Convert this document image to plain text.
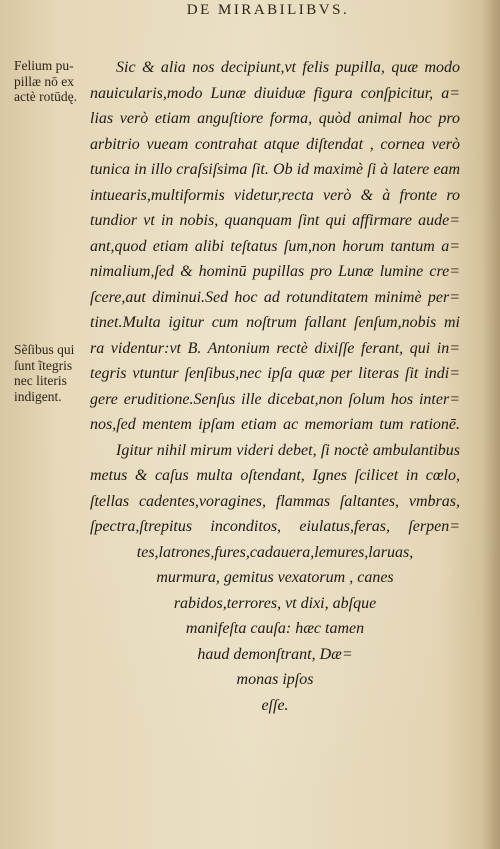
DE MIRABILIBVS.
Felium pu-
pillæ nō ex
actè rotūdę.
Sẽſibus qui
ſunt ĩtegris
nec literis
indigent.
Sic & alia nos decipiunt,vt felis pupilla, quæ modo
nauicularis,modo Lunæ diuiduæ figura conſpicitur, a=
lias verò etiam anguſtiore forma, quòd animal hoc pro
arbitrio vueam contrahat atque diſtendat , cornea verò
tunica in illo craſsiſsima ſit. Ob id maximè ſi à latere eam
intuearis,multiformis videtur,recta verò & à fronte ro
tundior vt in nobis, quanquam ſint qui affirmare aude=
ant,quod etiam alibi teſtatus ſum,non horum tantum a=
nimalium,ſed & hominū pupillas pro Lunæ lumine cre=
ſcere,aut diminui.Sed hoc ad rotunditatem minimè per=
tinet.Multa igitur cum noſtrum fallant ſenſum,nobis mi
ra videntur:vt B. Antonium rectè dixiſſe ferant, qui in=
tegris vtuntur ſenſibus,nec ipſa quæ per literas ſit indi=
gere eruditione.Senſus ille dicebat,non ſolum hos inter=
nos,ſed mentem ipſam etiam ac memoriam tum rationē.
Igitur nihil mirum videri debet, ſi noctè ambulantibus
metus & caſus multa oſtendant, Ignes ſcilicet in cœlo,
ſtellas cadentes,voragines, flammas ſaltantes, vmbras,
ſpectra,ſtrepitus inconditos, eiulatus,feras, ſerpen=
tes,latrones,fures,cadauera,lemures,laruas,
murmura, gemitus vexatorum , canes
rabidos,terrores, vt dixi, abſque
manifeſta cauſa: hæc tamen
haud demonſtrant, Dæ=
monas ipſos
eſſe.
